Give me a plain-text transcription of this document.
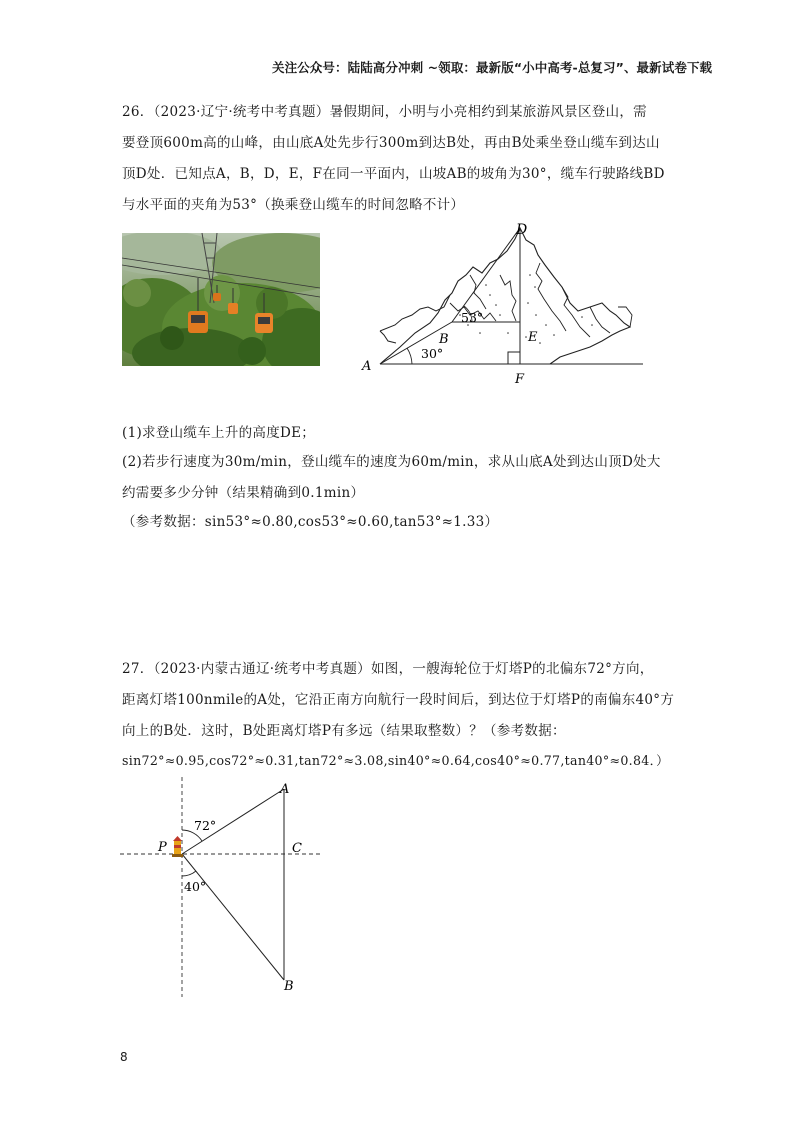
关注公众号：陆陆高分冲刺 ~领取：最新版“小中高考-总复习”、最新试卷下载
26．（2023·辽宁·统考中考真题）暑假期间，小明与小亮相约到某旅游风景区登山，需
要登顶600m高的山峰，由山底A处先步行300m到达B处，再由B处乘坐登山缆车到达山
顶D处．已知点A，B，D，E，F在同一平面内，山坡AB的坡角为30°，缆车行驶路线BD
与水平面的夹角为53°（换乘登山缆车的时间忽略不计）
D
E
B
A
F
53°
30°
(1)求登山缆车上升的高度DE；
(2)若步行速度为30m/min，登山缆车的速度为60m/min，求从山底A处到达山顶D处大
约需要多少分钟（结果精确到0.1min）
（参考数据：sin53°≈0.80,cos53°≈0.60,tan53°≈1.33）
27．（2023·内蒙古通辽·统考中考真题）如图，一艘海轮位于灯塔P的北偏东72°方向，
距离灯塔100nmile的A处，它沿正南方向航行一段时间后，到达位于灯塔P的南偏东40°方
向上的B处．这时，B处距离灯塔P有多远（结果取整数）？（参考数据：
sin72°≈0.95,cos72°≈0.31,tan72°≈3.08,sin40°≈0.64,cos40°≈0.77,tan40°≈0.84．）
A
P	C
B
72°
40°
8
